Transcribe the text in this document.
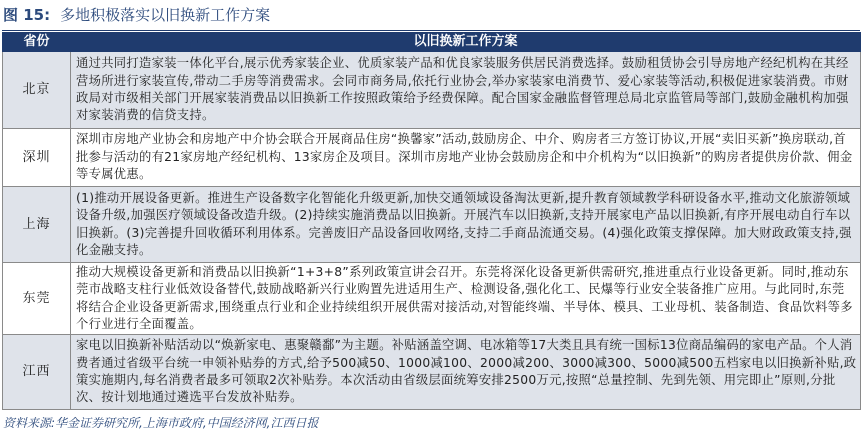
图 15: 多地积极落实以旧换新工作方案
省份	以旧换新工作方案
北京	通过共同打造家装一体化平台,展示优秀家装企业、优质家装产品和优良家装服务供居民消费选择。鼓励租赁协会引导房地产经纪机构在其经营场所进行家装宣传,带动二手房等消费需求。会同市商务局,依托行业协会,举办家装家电消费节、爱心家装等活动,积极促进家装消费。市财政局对市级相关部门开展家装消费品以旧换新工作按照政策给予经费保障。配合国家金融监督管理总局北京监管局等部门,鼓励金融机构加强对家装消费的信贷支持。
深圳	深圳市房地产业协会和房地产中介协会联合开展商品住房“换馨家”活动,鼓励房企、中介、购房者三方签订协议,开展“卖旧买新”换房联动,首批参与活动的有21家房地产经纪机构、13家房企及项目。深圳市房地产业协会鼓励房企和中介机构为“以旧换新”的购房者提供房价款、佣金等专属优惠。
上海	(1)推动开展设备更新。推进生产设备数字化智能化升级更新,加快交通领域设备淘汰更新,提升教育领域教学科研设备水平,推动文化旅游领域设备升级,加强医疗领域设备改造升级。(2)持续实施消费品以旧换新。开展汽车以旧换新,支持开展家电产品以旧换新,有序开展电动自行车以旧换新。(3)完善提升回收循环利用体系。完善废旧产品设备回收网络,支持二手商品流通交易。(4)强化政策支撑保障。加大财政政策支持,强化金融支持。
东莞	推动大规模设备更新和消费品以旧换新“1+3+8”系列政策宣讲会召开。东莞将深化设备更新供需研究,推进重点行业设备更新。同时,推动东莞市战略支柱行业低效设备替代,鼓励战略新兴行业购置先进适用生产、检测设备,强化化工、民爆等行业安全装备推广应用。与此同时,东莞将结合企业设备更新需求,围绕重点行业和企业持续组织开展供需对接活动,对智能终端、半导体、模具、工业母机、装备制造、食品饮料等多个行业进行全面覆盖。
江西	家电以旧换新补贴活动以“焕新家电、惠聚赣鄱”为主题。补贴涵盖空调、电冰箱等17大类且具有统一国标13位商品编码的家电产品。个人消费者通过省级平台统一申领补贴券的方式,给予500减50、1000减100、2000减200、3000减300、5000减500五档家电以旧换新补贴,政策实施期内,每名消费者最多可领取2次补贴券。本次活动由省级层面统筹安排2500万元,按照“总量控制、先到先领、用完即止”原则,分批次、按计划地通过遴选平台发放补贴券。
资料来源:华金证券研究所,上海市政府,中国经济网,江西日报
